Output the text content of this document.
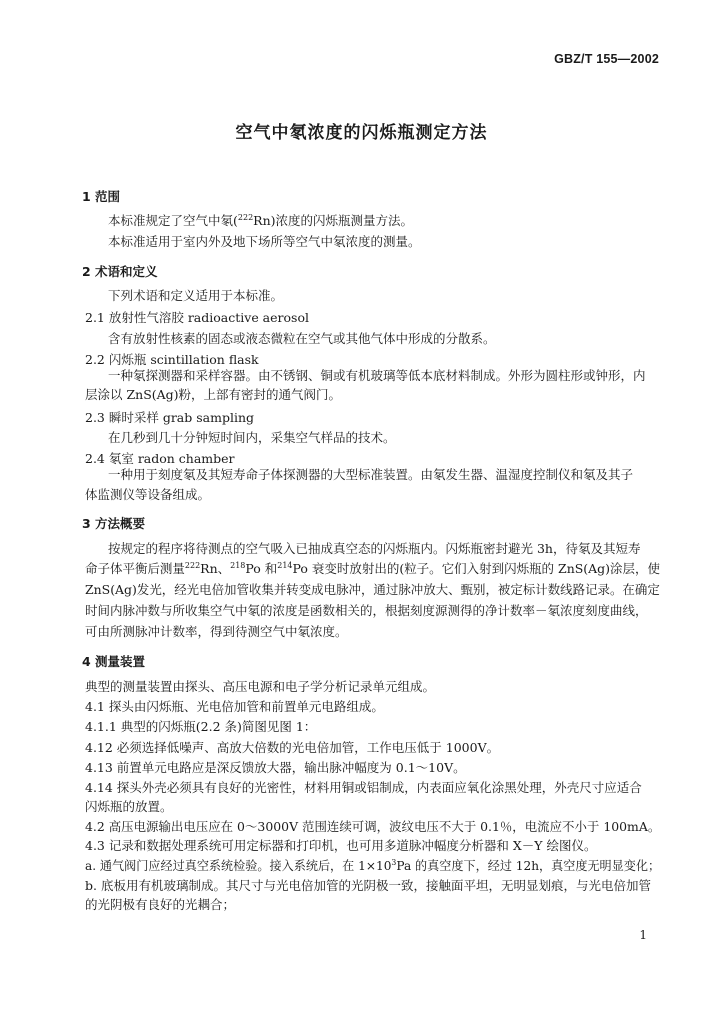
GBZ/T 155—2002
空气中氡浓度的闪烁瓶测定方法
1 范围
本标准规定了空气中氡($^{222}$Rn)浓度的闪烁瓶测量方法。
本标准适用于室内外及地下场所等空气中氡浓度的测量。
2 术语和定义
下列术语和定义适用于本标准。
2.1 放射性气溶胶 radioactive aerosol
含有放射性核素的固态或液态微粒在空气或其他气体中形成的分散系。
2.2 闪烁瓶 scintillation flask
一种氡探测器和采样容器。由不锈钢、铜或有机玻璃等低本底材料制成。外形为圆柱形或钟形，内
层涂以 ZnS(Ag)粉，上部有密封的通气阀门。
2.3 瞬时采样 grab sampling
在几秒到几十分钟短时间内，采集空气样品的技术。
2.4 氡室 radon chamber
一种用于刻度氡及其短寿命子体探测器的大型标准装置。由氡发生器、温湿度控制仪和氡及其子
体监测仪等设备组成。
3 方法概要
按规定的程序将待测点的空气吸入已抽成真空态的闪烁瓶内。闪烁瓶密封避光 3h，待氡及其短寿
命子体平衡后测量$^{222}$Rn、$^{218}$Po 和$^{214}$Po 衰变时放射出的(粒子。它们入射到闪烁瓶的 ZnS(Ag)涂层，使
ZnS(Ag)发光，经光电倍加管收集并转变成电脉冲，通过脉冲放大、甄别，被定标计数线路记录。在确定
时间内脉冲数与所收集空气中氡的浓度是函数相关的，根据刻度源测得的净计数率－氡浓度刻度曲线，
可由所测脉冲计数率，得到待测空气中氡浓度。
4 测量装置
典型的测量装置由探头、高压电源和电子学分析记录单元组成。
4.1 探头由闪烁瓶、光电倍加管和前置单元电路组成。
4.1.1 典型的闪烁瓶(2.2 条)简图见图 1：
4.12 必须选择低噪声、高放大倍数的光电倍加管，工作电压低于 1000V。
4.13 前置单元电路应是深反馈放大器，输出脉冲幅度为 0.1～10V。
4.14 探头外壳必须具有良好的光密性，材料用铜或铝制成，内表面应氧化涂黑处理，外壳尺寸应适合
闪烁瓶的放置。
4.2 高压电源输出电压应在 0～3000V 范围连续可调，波纹电压不大于 0.1％，电流应不小于 100mA。
4.3 记录和数据处理系统可用定标器和打印机，也可用多道脉冲幅度分析器和 X－Y 绘图仪。
a. 通气阀门应经过真空系统检验。接入系统后，在 $1\times 10^3Pa$ 的真空度下，经过 12h，真空度无明显变化；
b. 底板用有机玻璃制成。其尺寸与光电倍加管的光阴极一致，接触面平坦，无明显划痕，与光电倍加管
的光阴极有良好的光耦合；
1
